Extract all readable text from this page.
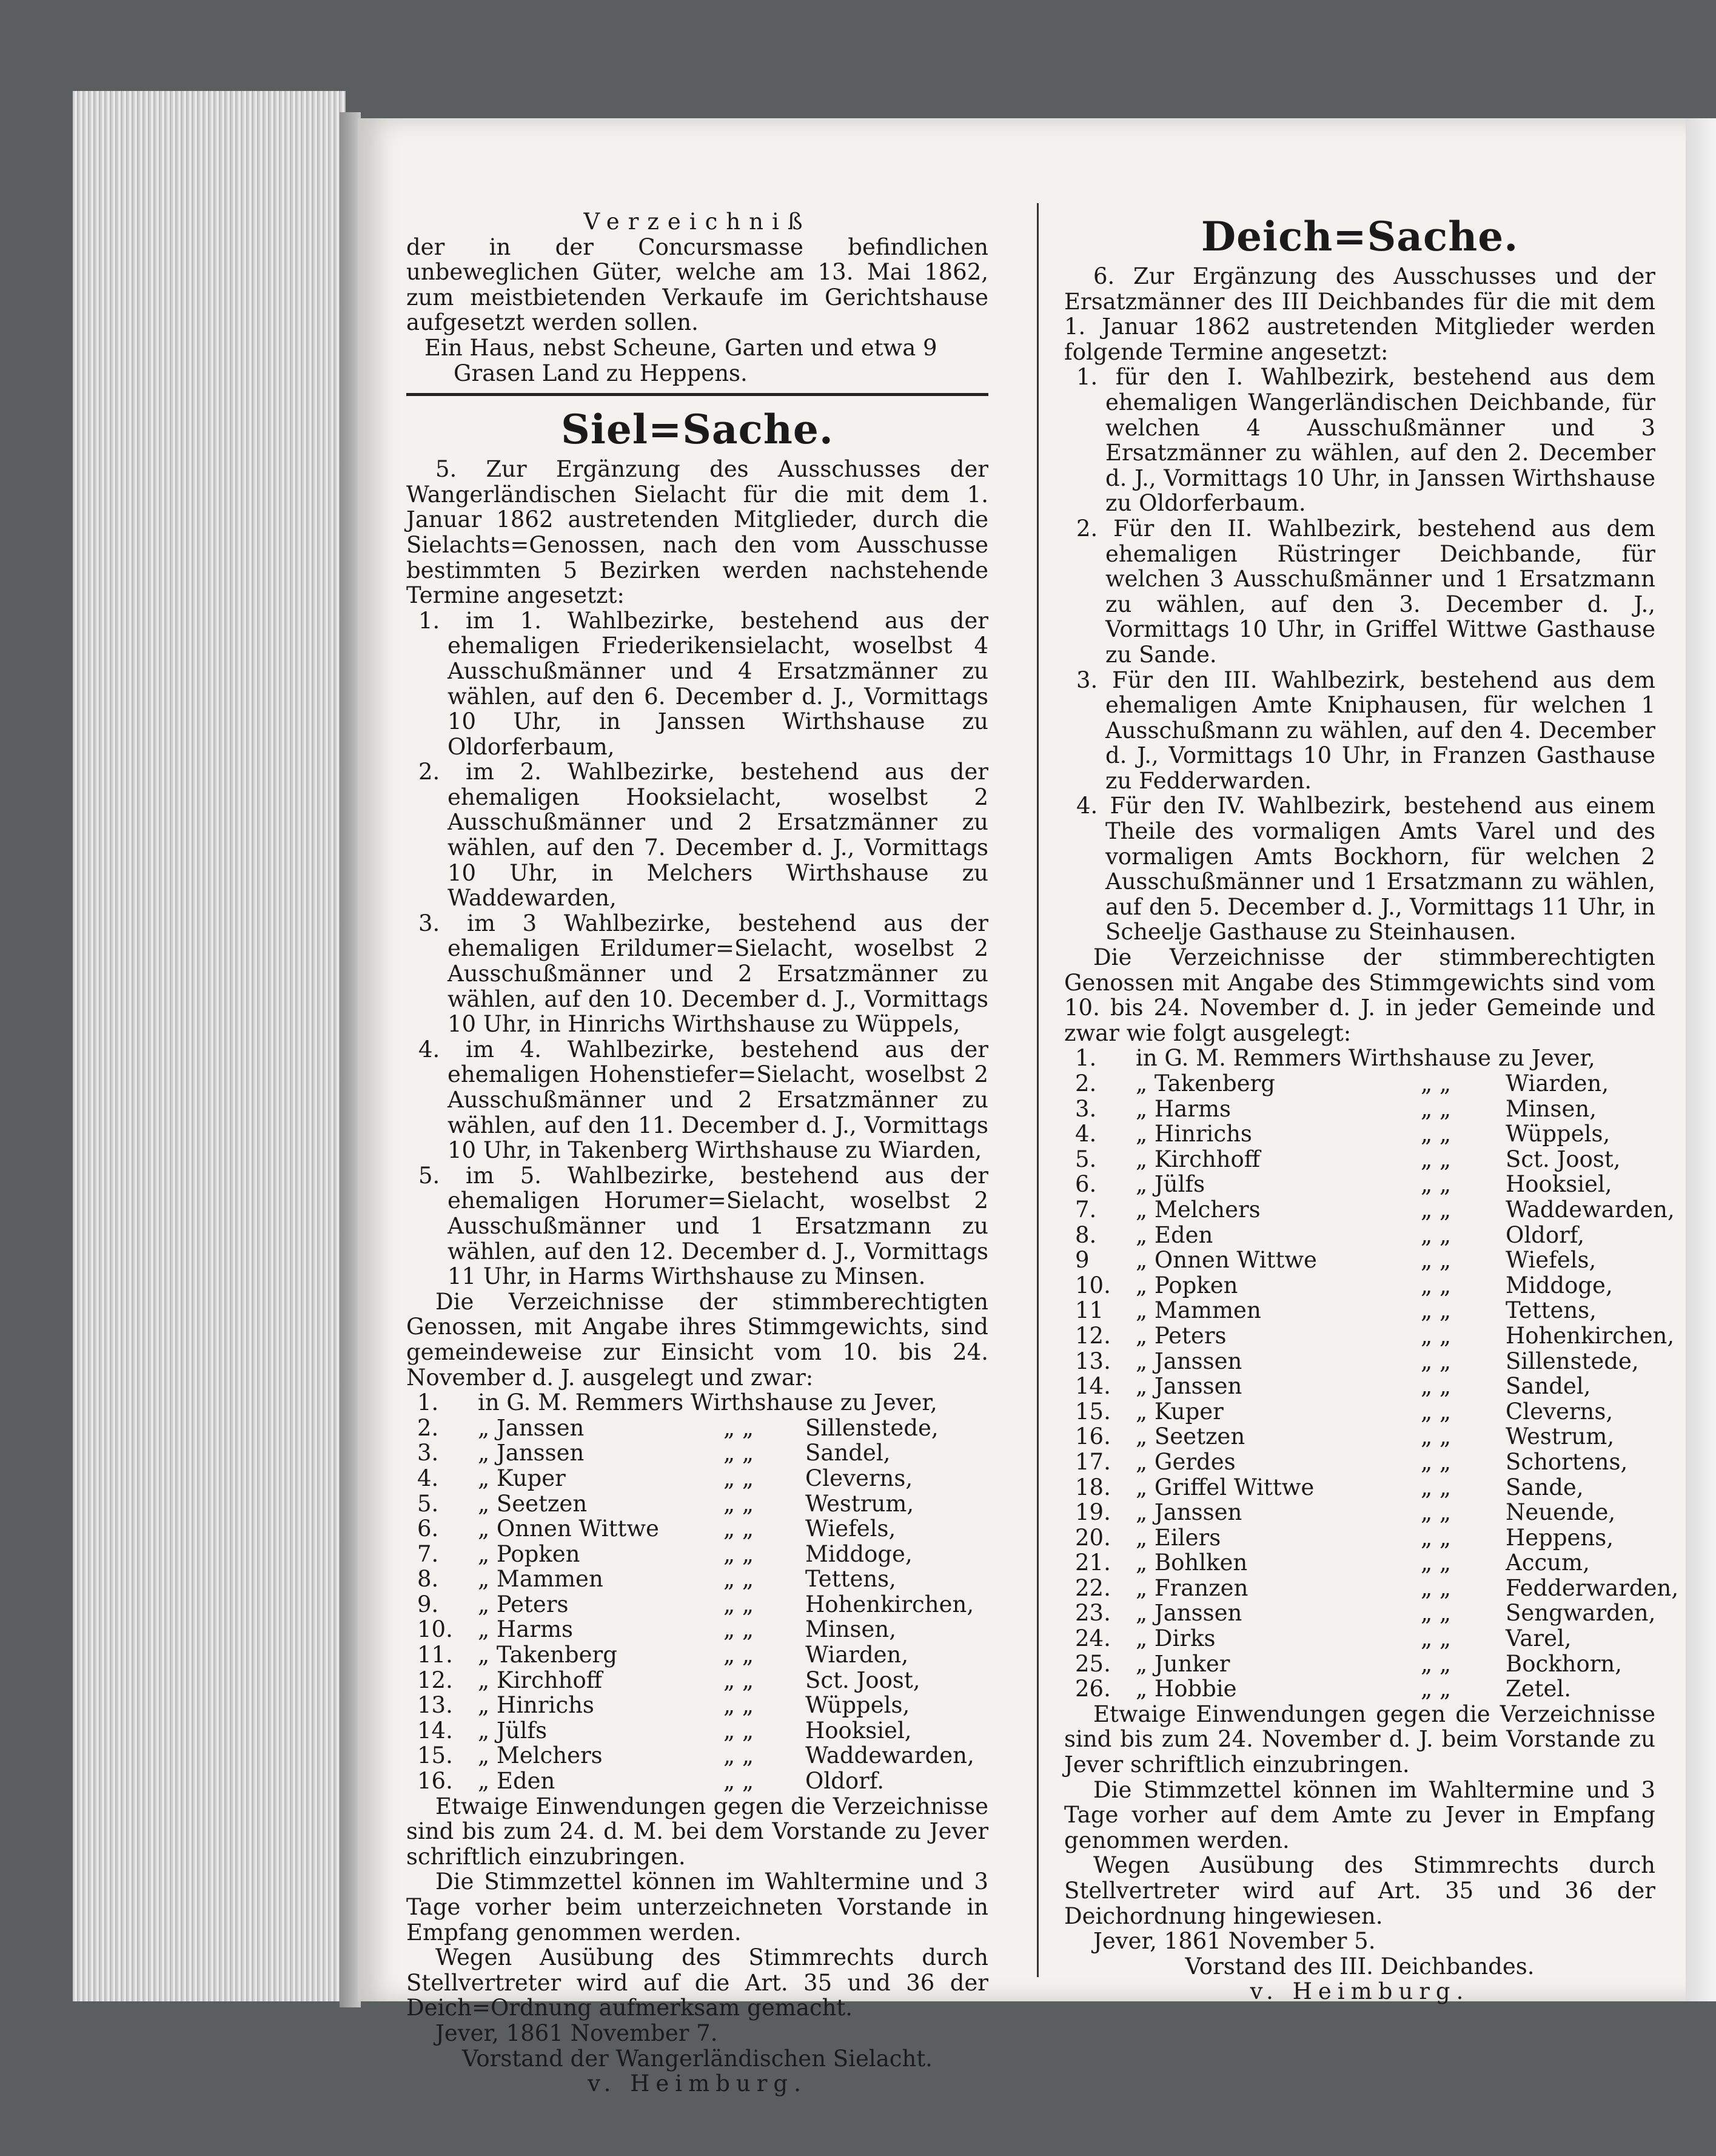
Verzeichniß

der in der Concursmasse befindlichen unbeweglichen Güter, welche am 13. Mai 1862, zum meistbietenden Verkaufe im Gerichtshause aufgesetzt werden sollen.

Ein Haus, nebst Scheune, Garten und etwa 9 Grasen Land zu Heppens.

Siel=Sache.

5. Zur Ergänzung des Ausschusses der Wangerländischen Sielacht für die mit dem 1. Januar 1862 austretenden Mitglieder, durch die Sielachts=Genossen, nach den vom Ausschusse bestimmten 5 Bezirken werden nachstehende Termine angesetzt:

1. im 1. Wahlbezirke, bestehend aus der ehemaligen Friederikensielacht, woselbst 4 Ausschußmänner und 4 Ersatzmänner zu wählen, auf den 6. December d. J., Vormittags 10 Uhr, in Janssen Wirthshause zu Oldorferbaum,

2. im 2. Wahlbezirke, bestehend aus der ehemaligen Hooksielacht, woselbst 2 Ausschußmänner und 2 Ersatzmänner zu wählen, auf den 7. December d. J., Vormittags 10 Uhr, in Melchers Wirthshause zu Waddewarden,

3. im 3 Wahlbezirke, bestehend aus der ehemaligen Erildumer=Sielacht, woselbst 2 Ausschußmänner und 2 Ersatzmänner zu wählen, auf den 10. December d. J., Vormittags 10 Uhr, in Hinrichs Wirthshause zu Wüppels,

4. im 4. Wahlbezirke, bestehend aus der ehemaligen Hohenstiefer=Sielacht, woselbst 2 Ausschußmänner und 2 Ersatzmänner zu wählen, auf den 11. December d. J., Vormittags 10 Uhr, in Takenberg Wirthshause zu Wiarden,

5. im 5. Wahlbezirke, bestehend aus der ehemaligen Horumer=Sielacht, woselbst 2 Ausschußmänner und 1 Ersatzmann zu wählen, auf den 12. December d. J., Vormittags 11 Uhr, in Harms Wirthshause zu Minsen.

Die Verzeichnisse der stimmberechtigten Genossen, mit Angabe ihres Stimmgewichts, sind gemeindeweise zur Einsicht vom 10. bis 24. November d. J. ausgelegt und zwar:

1.	in G. M. Remmers Wirthshause zu Jever,
2.	„ Janssen	„ „	Sillenstede,
3.	„ Janssen	„ „	Sandel,
4.	„ Kuper	„ „	Cleverns,
5.	„ Seetzen	„ „	Westrum,
6.	„ Onnen Wittwe	„ „	Wiefels,
7.	„ Popken	„ „	Middoge,
8.	„ Mammen	„ „	Tettens,
9.	„ Peters	„ „	Hohenkirchen,
10.	„ Harms	„ „	Minsen,
11.	„ Takenberg	„ „	Wiarden,
12.	„ Kirchhoff	„ „	Sct. Joost,
13.	„ Hinrichs	„ „	Wüppels,
14.	„ Jülfs	„ „	Hooksiel,
15.	„ Melchers	„ „	Waddewarden,
16.	„ Eden	„ „	Oldorf.

Etwaige Einwendungen gegen die Verzeichnisse sind bis zum 24. d. M. bei dem Vorstande zu Jever schriftlich einzubringen.

Die Stimmzettel können im Wahltermine und 3 Tage vorher beim unterzeichneten Vorstande in Empfang genommen werden.

Wegen Ausübung des Stimmrechts durch Stellvertreter wird auf die Art. 35 und 36 der Deich=Ordnung aufmerksam gemacht.

Jever, 1861 November 7.

Vorstand der Wangerländischen Sielacht.

v. Heimburg.

Deich=Sache.

6. Zur Ergänzung des Ausschusses und der Ersatzmänner des III Deichbandes für die mit dem 1. Januar 1862 austretenden Mitglieder werden folgende Termine angesetzt:

1. für den I. Wahlbezirk, bestehend aus dem ehemaligen Wangerländischen Deichbande, für welchen 4 Ausschußmänner und 3 Ersatzmänner zu wählen, auf den 2. December d. J., Vormittags 10 Uhr, in Janssen Wirthshause zu Oldorferbaum.

2. Für den II. Wahlbezirk, bestehend aus dem ehemaligen Rüstringer Deichbande, für welchen 3 Ausschußmänner und 1 Ersatzmann zu wählen, auf den 3. December d. J., Vormittags 10 Uhr, in Griffel Wittwe Gasthause zu Sande.

3. Für den III. Wahlbezirk, bestehend aus dem ehemaligen Amte Kniphausen, für welchen 1 Ausschußmann zu wählen, auf den 4. December d. J., Vormittags 10 Uhr, in Franzen Gasthause zu Fedderwarden.

4. Für den IV. Wahlbezirk, bestehend aus einem Theile des vormaligen Amts Varel und des vormaligen Amts Bockhorn, für welchen 2 Ausschußmänner und 1 Ersatzmann zu wählen, auf den 5. December d. J., Vormittags 11 Uhr, in Scheelje Gasthause zu Steinhausen.

Die Verzeichnisse der stimmberechtigten Genossen mit Angabe des Stimmgewichts sind vom 10. bis 24. November d. J. in jeder Gemeinde und zwar wie folgt ausgelegt:

1.	in G. M. Remmers Wirthshause zu Jever,
2.	„ Takenberg	„ „	Wiarden,
3.	„ Harms	„ „	Minsen,
4.	„ Hinrichs	„ „	Wüppels,
5.	„ Kirchhoff	„ „	Sct. Joost,
6.	„ Jülfs	„ „	Hooksiel,
7.	„ Melchers	„ „	Waddewarden,
8.	„ Eden	„ „	Oldorf,
9	„ Onnen Wittwe	„ „	Wiefels,
10.	„ Popken	„ „	Middoge,
11	„ Mammen	„ „	Tettens,
12.	„ Peters	„ „	Hohenkirchen,
13.	„ Janssen	„ „	Sillenstede,
14.	„ Janssen	„ „	Sandel,
15.	„ Kuper	„ „	Cleverns,
16.	„ Seetzen	„ „	Westrum,
17.	„ Gerdes	„ „	Schortens,
18.	„ Griffel Wittwe	„ „	Sande,
19.	„ Janssen	„ „	Neuende,
20.	„ Eilers	„ „	Heppens,
21.	„ Bohlken	„ „	Accum,
22.	„ Franzen	„ „	Fedderwarden,
23.	„ Janssen	„ „	Sengwarden,
24.	„ Dirks	„ „	Varel,
25.	„ Junker	„ „	Bockhorn,
26.	„ Hobbie	„ „	Zetel.

Etwaige Einwendungen gegen die Verzeichnisse sind bis zum 24. November d. J. beim Vorstande zu Jever schriftlich einzubringen.

Die Stimmzettel können im Wahltermine und 3 Tage vorher auf dem Amte zu Jever in Empfang genommen werden.

Wegen Ausübung des Stimmrechts durch Stellvertreter wird auf Art. 35 und 36 der Deichordnung hingewiesen.

Jever, 1861 November 5.

Vorstand des III. Deichbandes.

v. Heimburg.
